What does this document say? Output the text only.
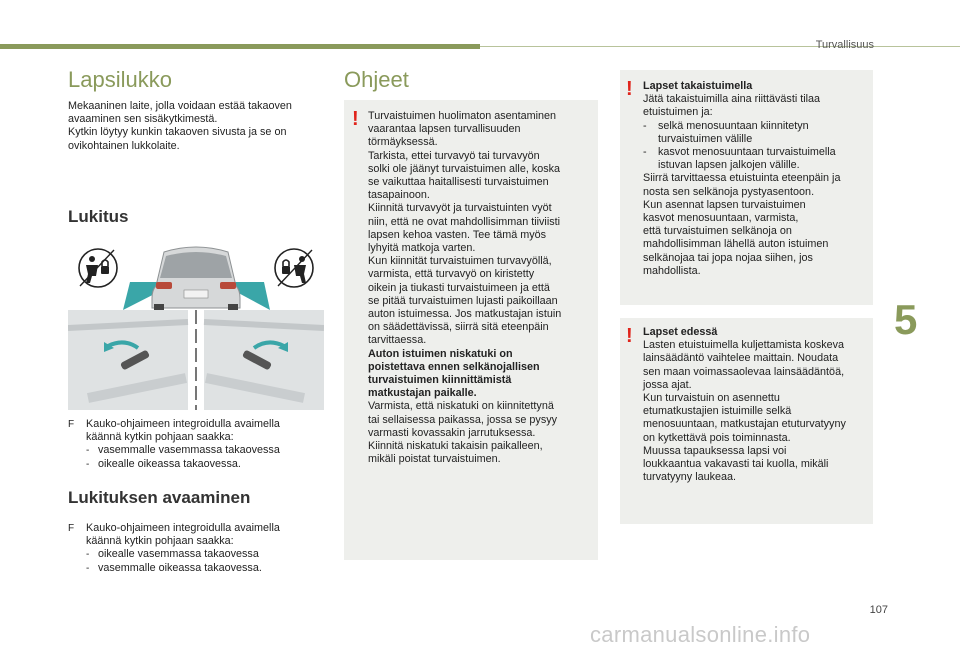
Turvallisuus
Lapsilukko
Mekaaninen laite, jolla voidaan estää takaoven
avaaminen sen sisäkytkimestä.
Kytkin löytyy kunkin takaoven sivusta ja se on
ovikohtainen lukkolaite.
Lukitus
F Kauko-ohjaimeen integroidulla avaimella
käännä kytkin pohjaan saakka:
- vasemmalle vasemmassa takaovessa
- oikealle oikeassa takaovessa.
Lukituksen avaaminen
F Kauko-ohjaimeen integroidulla avaimella
käännä kytkin pohjaan saakka:
- oikealle vasemmassa takaovessa
- vasemmalle oikeassa takaovessa.
Ohjeet
! Turvaistuimen huolimaton asentaminen
vaarantaa lapsen turvallisuuden
törmäyksessä.
Tarkista, ettei turvavyö tai turvavyön
solki ole jäänyt turvaistuimen alle, koska
se vaikuttaa haitallisesti turvaistuimen
tasapainoon.
Kiinnitä turvavyöt ja turvaistuinten vyöt
niin, että ne ovat mahdollisimman tiiviisti
lapsen kehoa vasten. Tee tämä myös
lyhyitä matkoja varten.
Kun kiinnität turvaistuimen turvavyöllä,
varmista, että turvavyö on kiristetty
oikein ja tiukasti turvaistuimeen ja että
se pitää turvaistuimen lujasti paikoillaan
auton istuimessa. Jos matkustajan istuin
on säädettävissä, siirrä sitä eteenpäin
tarvittaessa.
Auton istuimen niskatuki on
poistettava ennen selkänojallisen
turvaistuimen kiinnittämistä
matkustajan paikalle.
Varmista, että niskatuki on kiinnitettynä
tai sellaisessa paikassa, jossa se pysyy
varmasti kovassakin jarrutuksessa.
Kiinnitä niskatuki takaisin paikalleen,
mikäli poistat turvaistuimen.
! Lapset takaistuimella
Jätä takaistuimilla aina riittävästi tilaa
etuistuimen ja:
- selkä menosuuntaan kiinnitetyn
turvaistuimen välille
- kasvot menosuuntaan turvaistuimella
istuvan lapsen jalkojen välille.
Siirrä tarvittaessa etuistuinta eteenpäin ja
nosta sen selkänoja pystyasentoon.
Kun asennat lapsen turvaistuimen
kasvot menosuuntaan, varmista,
että turvaistuimen selkänoja on
mahdollisimman lähellä auton istuimen
selkänojaa tai jopa nojaa siihen, jos
mahdollista.
! Lapset edessä
Lasten etuistuimella kuljettamista koskeva
lainsäädäntö vaihtelee maittain. Noudata
sen maan voimassaolevaa lainsäädäntöä,
jossa ajat.
Kun turvaistuin on asennettu
etumatkustajien istuimille selkä
menosuuntaan, matkustajan etuturvatyyny
on kytkettävä pois toiminnasta.
Muussa tapauksessa lapsi voi
loukkaantua vakavasti tai kuolla, mikäli
turvatyyny laukeaa.
5
107
carmanualsonline.info
